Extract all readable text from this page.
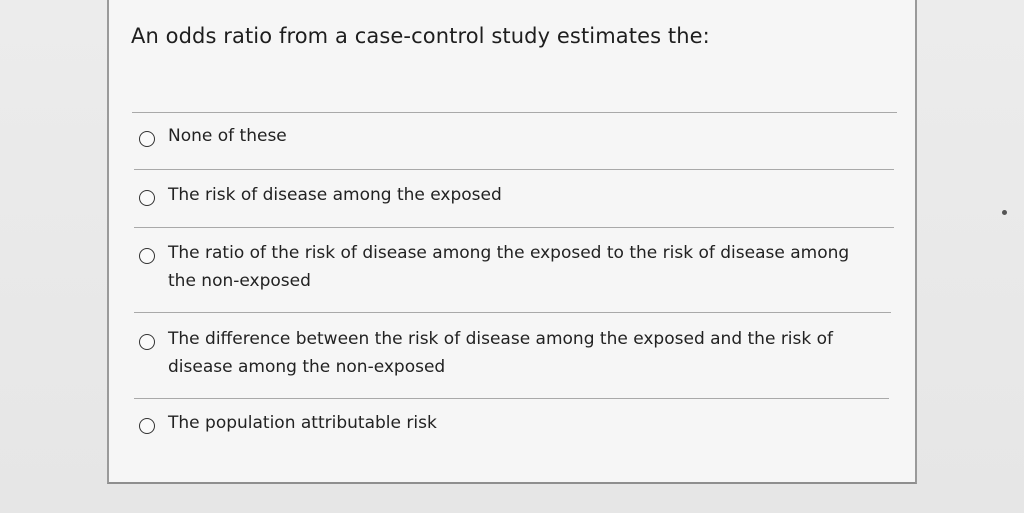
An odds ratio from a case-control study estimates the:
None of these
The risk of disease among the exposed
The ratio of the risk of disease among the exposed to the risk of disease among the non-exposed
The difference between the risk of disease among the exposed and the risk of disease among the non-exposed
The population attributable risk
